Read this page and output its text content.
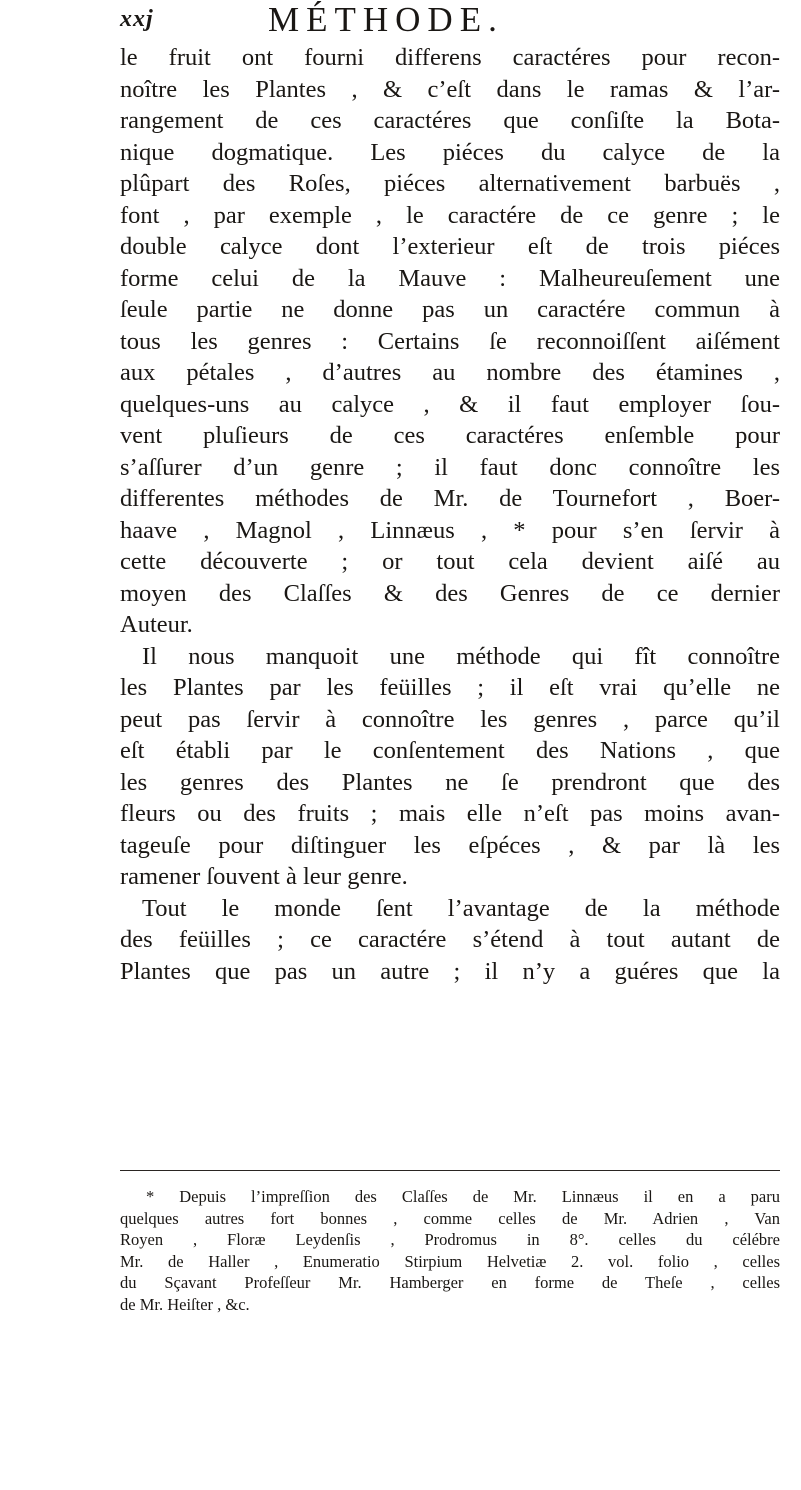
xxj	MÉTHODE.
le fruit ont fourni differens caractéres pour recon-
noître les Plantes , & c’eſt dans le ramas & l’ar-
rangement de ces caractéres que conſiſte la Bota-
nique dogmatique. Les piéces du calyce de la
plûpart des Roſes, piéces alternativement barbuës ,
font , par exemple , le caractére de ce genre ; le
double calyce dont l’exterieur eſt de trois piéces
forme celui de la Mauve : Malheureuſement une
ſeule partie ne donne pas un caractére commun à
tous les genres : Certains ſe reconnoiſſent aiſément
aux pétales , d’autres au nombre des étamines ,
quelques-uns au calyce , & il faut employer ſou-
vent pluſieurs de ces caractéres enſemble pour
s’aſſurer d’un genre ; il faut donc connoître les
differentes méthodes de Mr. de Tournefort , Boer-
haave , Magnol , Linnæus , * pour s’en ſervir à
cette découverte ; or tout cela devient aiſé au
moyen des Claſſes & des Genres de ce dernier
Auteur.
Il nous manquoit une méthode qui fît connoître
les Plantes par les feüilles ; il eſt vrai qu’elle ne
peut pas ſervir à connoître les genres , parce qu’il
eſt établi par le conſentement des Nations , que
les genres des Plantes ne ſe prendront que des
fleurs ou des fruits ; mais elle n’eſt pas moins avan-
tageuſe pour diſtinguer les eſpéces , & par là les
ramener ſouvent à leur genre.
Tout le monde ſent l’avantage de la méthode
des feüilles ; ce caractére s’étend à tout autant de
Plantes que pas un autre ; il n’y a guéres que la
* Depuis l’impreſſion des Claſſes de Mr. Linnæus il en a paru
quelques autres fort bonnes , comme celles de Mr. Adrien , Van
Royen , Floræ Leydenſis , Prodromus in 8°. celles du célébre
Mr. de Haller , Enumeratio Stirpium Helvetiæ 2. vol. folio , celles
du Sçavant Profeſſeur Mr. Hamberger en forme de Theſe , celles
de Mr. Heiſter , &c.
